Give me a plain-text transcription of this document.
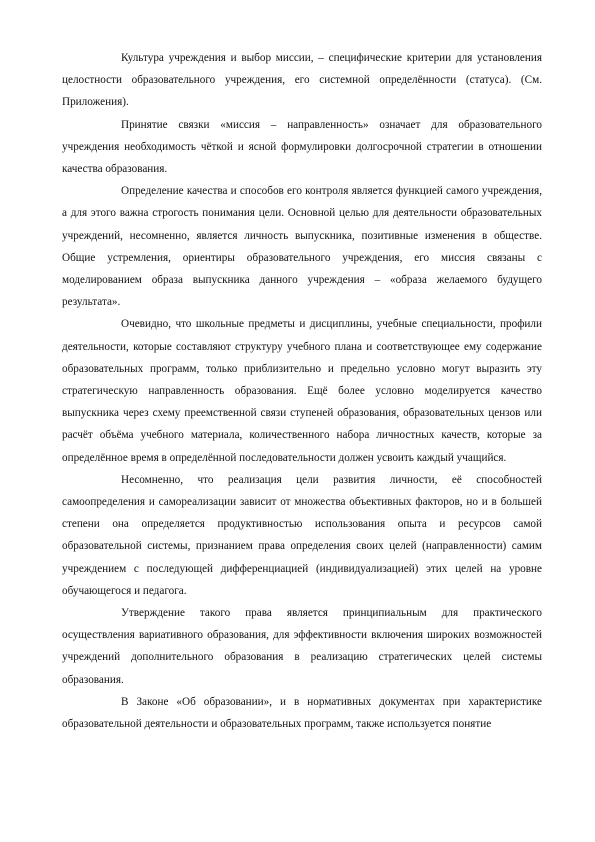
Культура учреждения и выбор миссии, – специфические критерии для установления целостности образовательного учреждения, его системной определённости (статуса). (См. Приложения).

Принятие связки «миссия – направленность» означает для образовательного учреждения необходимость чёткой и ясной формулировки долгосрочной стратегии в отношении качества образования.

Определение качества и способов его контроля является функцией самого учреждения, а для этого важна строгость понимания цели. Основной целью для деятельности образовательных учреждений, несомненно, является личность выпускника, позитивные изменения в обществе. Общие устремления, ориентиры образовательного учреждения, его миссия связаны с моделированием образа выпускника данного учреждения – «образа желаемого будущего результата».

Очевидно, что школьные предметы и дисциплины, учебные специальности, профили деятельности, которые составляют структуру учебного плана и соответствующее ему содержание образовательных программ, только приблизительно и предельно условно могут выразить эту стратегическую направленность образования. Ещё более условно моделируется качество выпускника через схему преемственной связи ступеней образования, образовательных цензов или расчёт объёма учебного материала, количественного набора личностных качеств, которые за определённое время в определённой последовательности должен усвоить каждый учащийся.

Несомненно, что реализация цели развития личности, её способностей самоопределения и самореализации зависит от множества объективных факторов, но и в большей степени она определяется продуктивностью использования опыта и ресурсов самой образовательной системы, признанием права определения своих целей (направленности) самим учреждением с последующей дифференциацией (индивидуализацией) этих целей на уровне обучающегося и педагога.

Утверждение такого права является принципиальным для практического осуществления вариативного образования, для эффективности включения широких возможностей учреждений дополнительного образования в реализацию стратегических целей системы образования.

В Законе «Об образовании», и в нормативных документах при характеристике образовательной деятельности и образовательных программ, также используется понятие
